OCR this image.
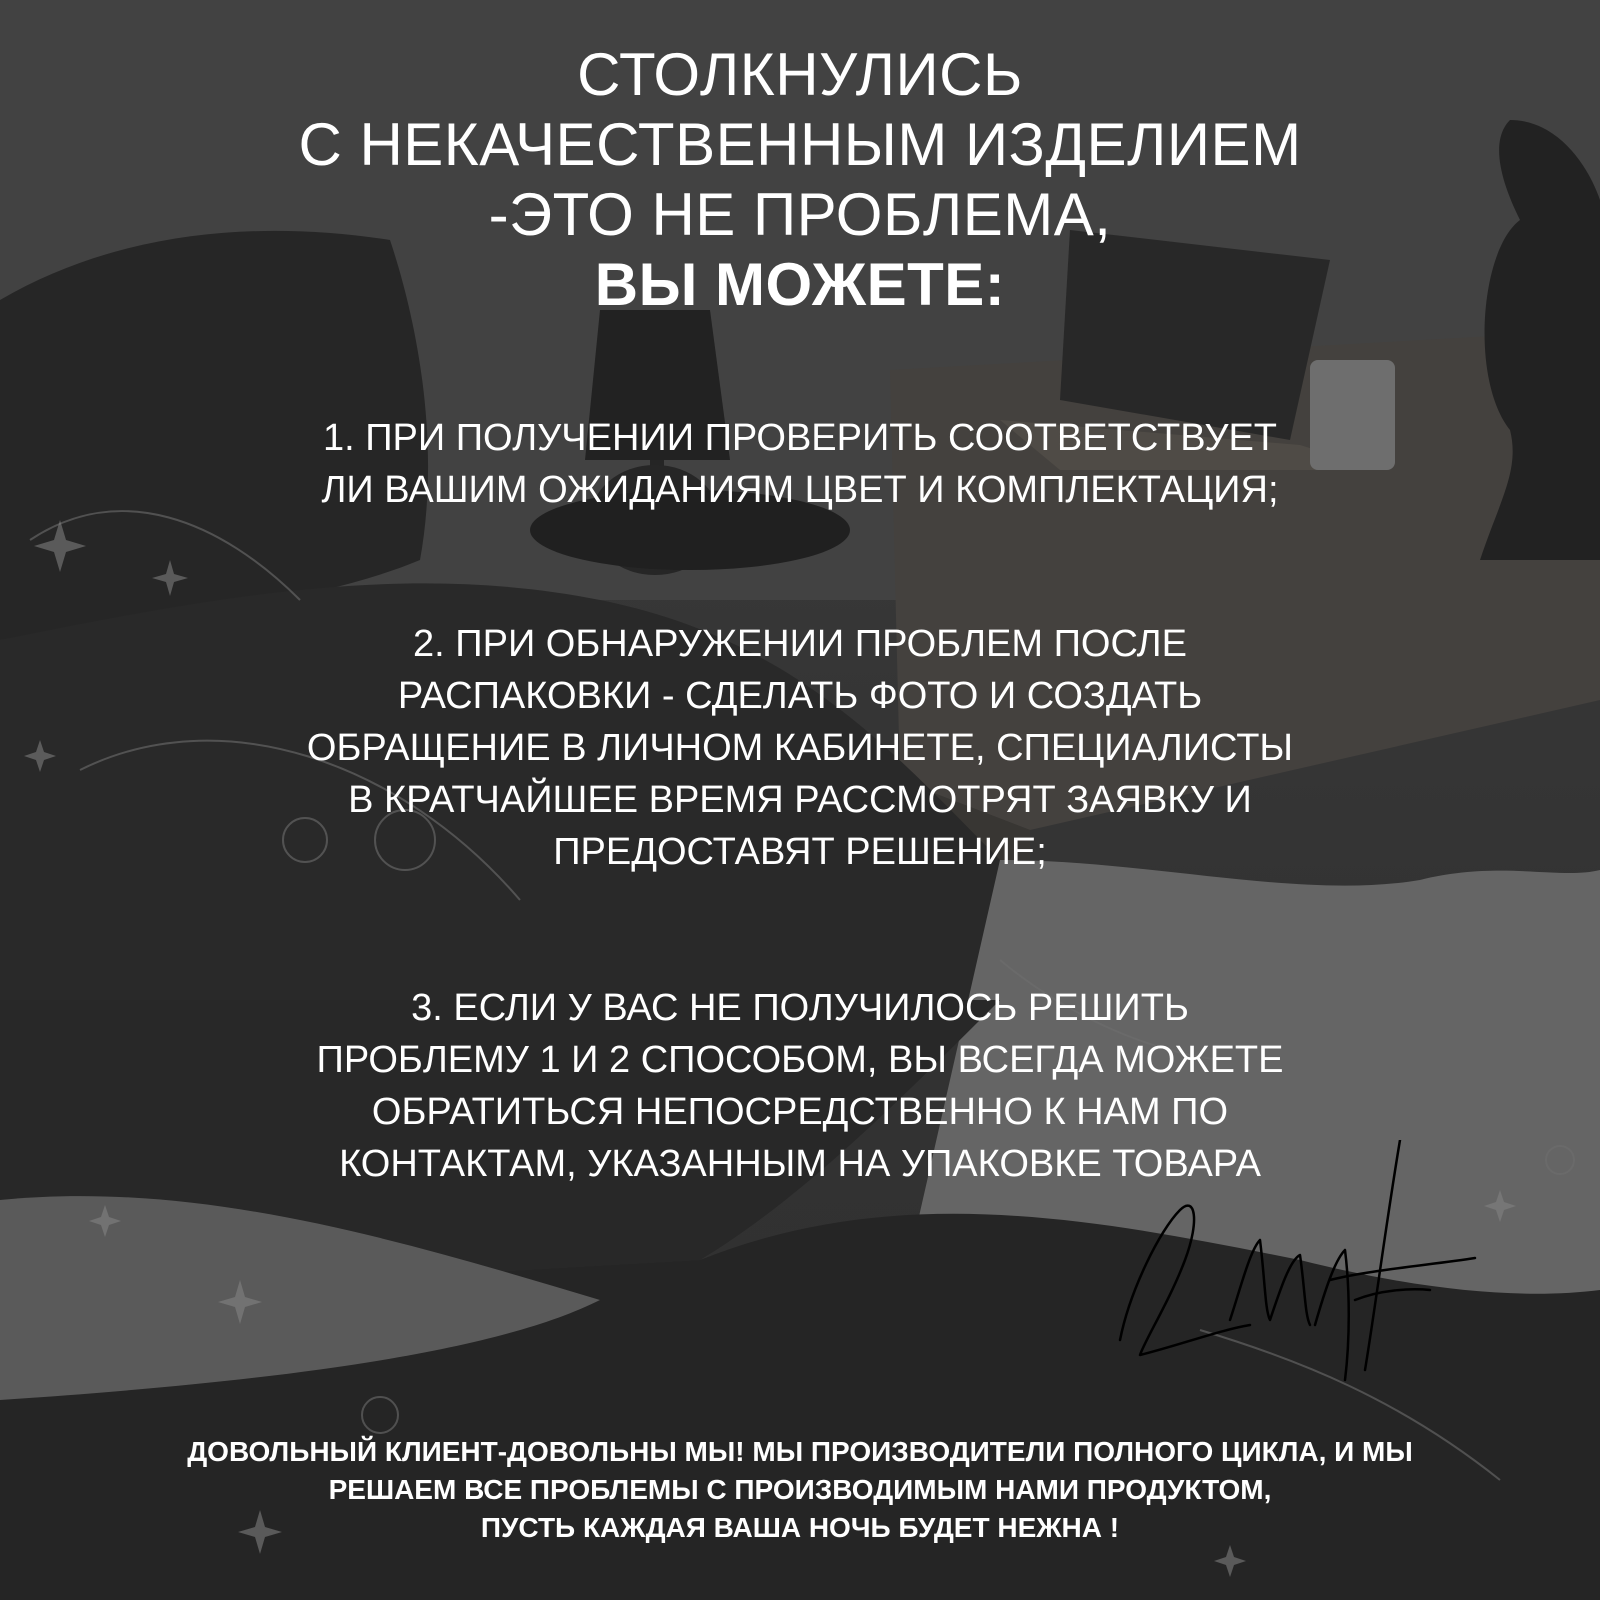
СТОЛКНУЛИСЬ
С НЕКАЧЕСТВЕННЫМ ИЗДЕЛИЕМ
-ЭТО НЕ ПРОБЛЕМА,
ВЫ МОЖЕТЕ:
1. ПРИ ПОЛУЧЕНИИ ПРОВЕРИТЬ СООТВЕТСТВУЕТ
ЛИ ВАШИМ ОЖИДАНИЯМ ЦВЕТ И КОМПЛЕКТАЦИЯ;
2. ПРИ ОБНАРУЖЕНИИ ПРОБЛЕМ ПОСЛЕ
РАСПАКОВКИ - СДЕЛАТЬ ФОТО И СОЗДАТЬ
ОБРАЩЕНИЕ В ЛИЧНОМ КАБИНЕТЕ, СПЕЦИАЛИСТЫ
В КРАТЧАЙШЕЕ ВРЕМЯ РАССМОТРЯТ ЗАЯВКУ И
ПРЕДОСТАВЯТ РЕШЕНИЕ;
3. ЕСЛИ У ВАС НЕ ПОЛУЧИЛОСЬ РЕШИТЬ
ПРОБЛЕМУ 1 И 2 СПОСОБОМ, ВЫ ВСЕГДА МОЖЕТЕ
ОБРАТИТЬСЯ НЕПОСРЕДСТВЕННО К НАМ ПО
КОНТАКТАМ, УКАЗАННЫМ НА УПАКОВКЕ ТОВАРА
ДОВОЛЬНЫЙ КЛИЕНТ-ДОВОЛЬНЫ МЫ! МЫ ПРОИЗВОДИТЕЛИ ПОЛНОГО ЦИКЛА, И МЫ
РЕШАЕМ ВСЕ ПРОБЛЕМЫ С ПРОИЗВОДИМЫМ НАМИ ПРОДУКТОМ,
ПУСТЬ КАЖДАЯ ВАША НОЧЬ БУДЕТ НЕЖНА !
